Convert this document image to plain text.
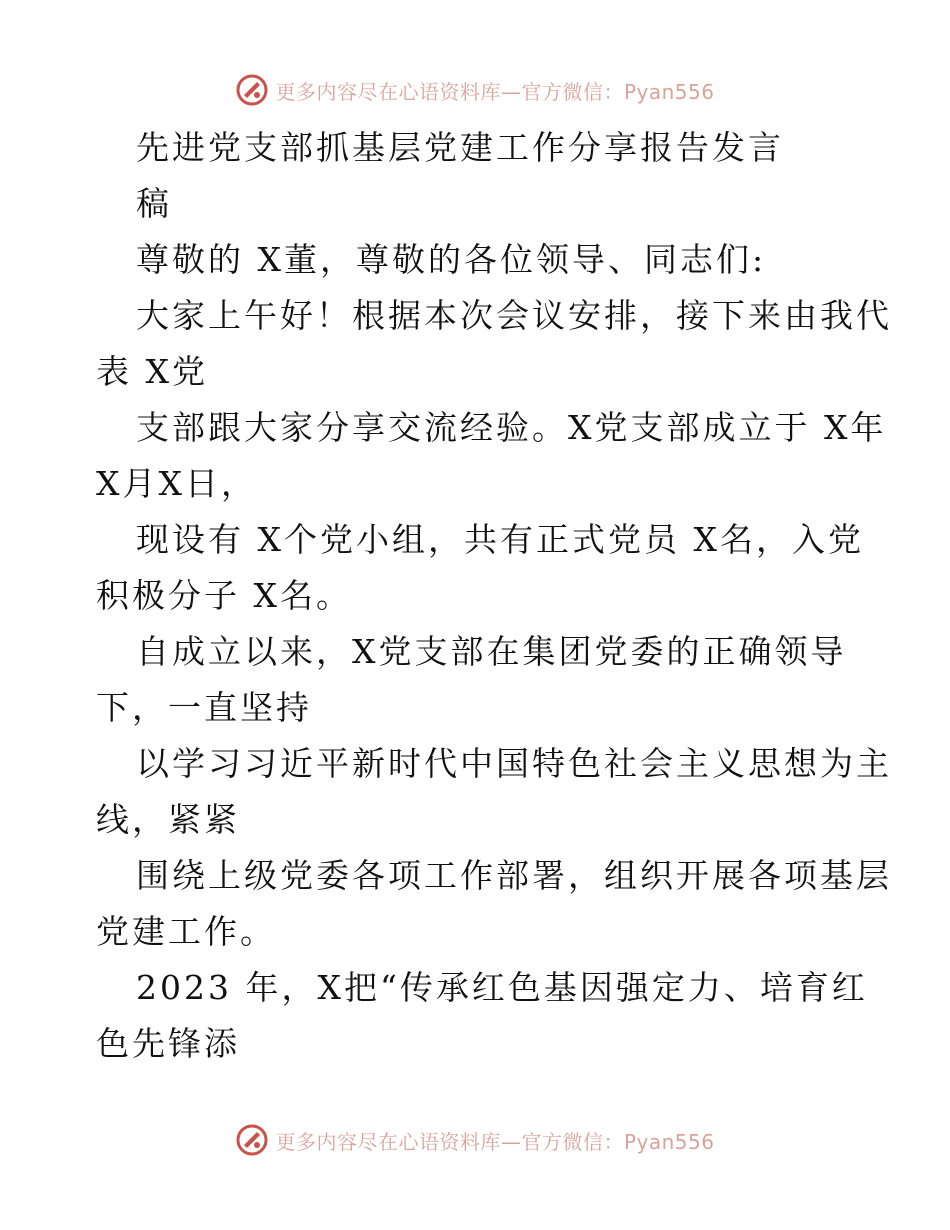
更多内容尽在心语资料库—官方微信：Pyan556
先进党支部抓基层党建工作分享报告发言
稿
尊敬的 X董，尊敬的各位领导、同志们:
大家上午好！根据本次会议安排，接下来由我代
表 X党
支部跟大家分享交流经验。X党支部成立于 X年
X月X日，
现设有 X个党小组，共有正式党员 X名，入党
积极分子 X名。
自成立以来，X党支部在集团党委的正确领导
下，一直坚持
以学习习近平新时代中国特色社会主义思想为主
线，紧紧
围绕上级党委各项工作部署，组织开展各项基层
党建工作。
2023 年，X把“传承红色基因强定力、培育红
色先锋添
更多内容尽在心语资料库—官方微信：Pyan556
